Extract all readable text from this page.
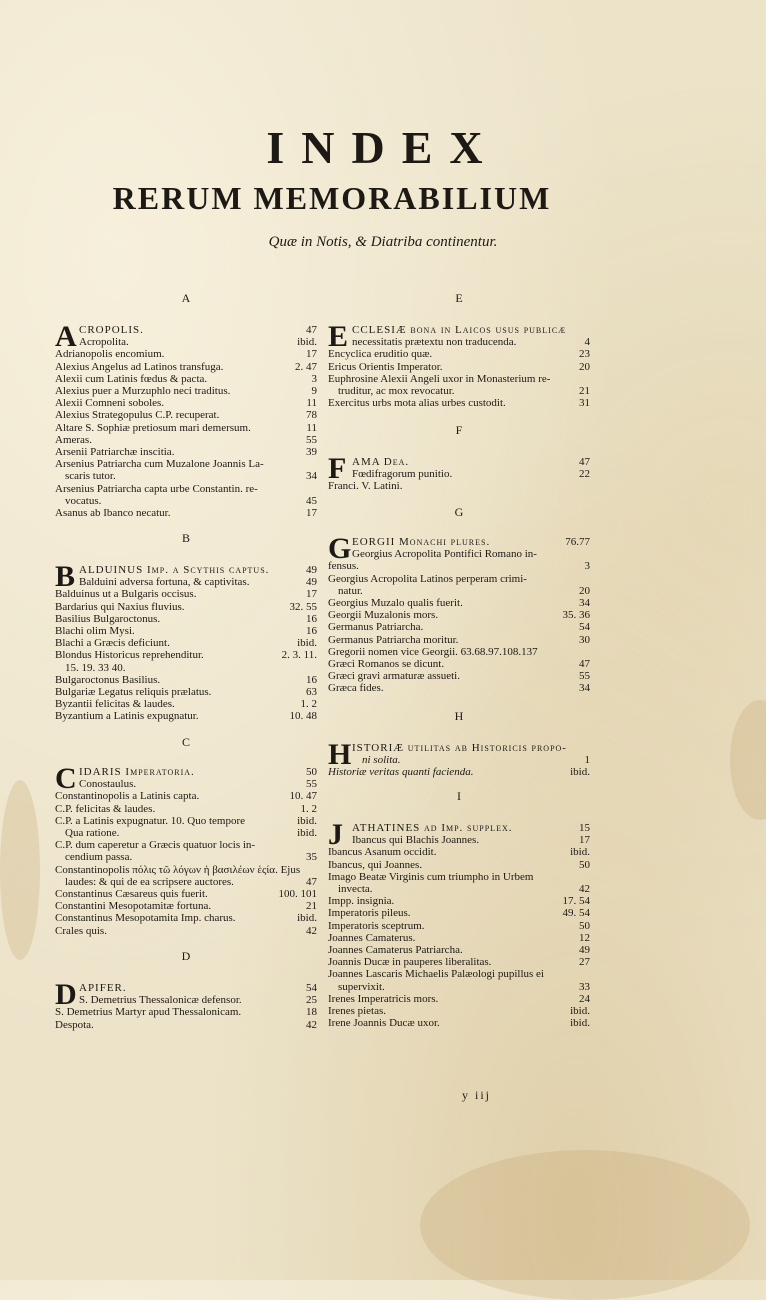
INDEX
RERUM MEMORABILIUM
Quæ in Notis, & Diatriba continentur.
A
A CROPOLIS.	47
Acropolita.	ibid.
Adrianopolis encomium.	17
Alexius Angelus ad Latinos transfuga.	2. 47
Alexii cum Latinis fœdus & pacta.	3
Alexius puer a Murzuphlo neci traditus.	9
Alexii Comneni soboles.	11
Alexius Strategopulus C.P. recuperat.	78
Altare S. Sophiæ pretiosum mari demersum.	11
Ameras.	55
Arsenii Patriarchæ inscitia.	39
Arsenius Patriarcha cum Muzalone Joannis La-
scaris tutor.	34
Arsenius Patriarcha capta urbe Constantin. re-
vocatus.	45
Asanus ab Ibanco necatur.	17
B
B ALDUINUS Imp. a Scythis captus.	49
Balduini adversa fortuna, & captivitas.	49
Balduinus ut a Bulgaris occisus.	17
Bardarius qui Naxius fluvius.	32. 55
Basilius Bulgaroctonus.	16
Blachi olim Mysi.	16
Blachi a Græcis deficiunt.	ibid.
Blondus Historicus reprehenditur.	2. 3. 11.
15. 19. 33 40.
Bulgaroctonus Basilius.	16
Bulgariæ Legatus reliquis prælatus.	63
Byzantii felicitas & laudes.	1. 2
Byzantium a Latinis expugnatur.	10. 48
C
C IDARIS Imperatoria.	50
Conostaulus.	55
Constantinopolis a Latinis capta.	10. 47
C.P. felicitas & laudes.	1. 2
C.P. a Latinis expugnatur. 10. Quo tempore	ibid.
Qua ratione.	ibid.
C.P. dum caperetur a Græcis quatuor locis in-
cendium passa.	35
Constantinopolis πόλις τῶ λόγων ἡ βασιλέων ἑςία. Ejus
laudes: & qui de ea scripsere auctores.	47
Constantinus Cæsareus quis fuerit.	100. 101
Constantini Mesopotamitæ fortuna.	21
Constantinus Mesopotamita Imp. charus.	ibid.
Crales quis.	42
D
D APIFER.	54
S. Demetrius Thessalonicæ defensor.	25
S. Demetrius Martyr apud Thessalonicam.	18
Despota.	42
E
E CCLESIÆ bona in Laicos usus publicæ
necessitatis prætextu non traducenda.	4
Encyclica eruditio quæ.	23
Ericus Orientis Imperator.	20
Euphrosine Alexii Angeli uxor in Monasterium re-
truditur, ac mox revocatur.	21
Exercitus urbs mota alias urbes custodit.	31
F
F AMA Dea.	47
Fœdifragorum punitio.	22
Franci. V. Latini.
G
G EORGII Monachi plures.	76.77
Georgius Acropolita Pontifici Romano in-
fensus.	3
Georgius Acropolita Latinos perperam crimi-
natur.	20
Georgius Muzalo qualis fuerit.	34
Georgii Muzalonis mors.	35. 36
Germanus Patriarcha.	54
Germanus Patriarcha moritur.	30
Gregorii nomen vice Georgii. 63.68.97.108.137
Græci Romanos se dicunt.	47
Græci gravi armaturæ assueti.	55
Græca fides.	34
H
H ISTORIÆ utilitas ab Historicis propo-
ni solita.	1
Historiæ veritas quanti facienda.	ibid.
I
J ATHATINES ad Imp. supplex.	15
Ibancus qui Blachis Joannes.	17
Ibancus Asanum occidit.	ibid.
Ibancus, qui Joannes.	50
Imago Beatæ Virginis cum triumpho in Urbem
invecta.	42
Impp. insignia.	17. 54
Imperatoris pileus.	49. 54
Imperatoris sceptrum.	50
Joannes Camaterus.	12
Joannes Camaterus Patriarcha.	49
Joannis Ducæ in pauperes liberalitas.	27
Joannes Lascaris Michaelis Palæologi pupillus ei
supervixit.	33
Irenes Imperatricis mors.	24
Irenes pietas.	ibid.
Irene Joannis Ducæ uxor.	ibid.
y iij
